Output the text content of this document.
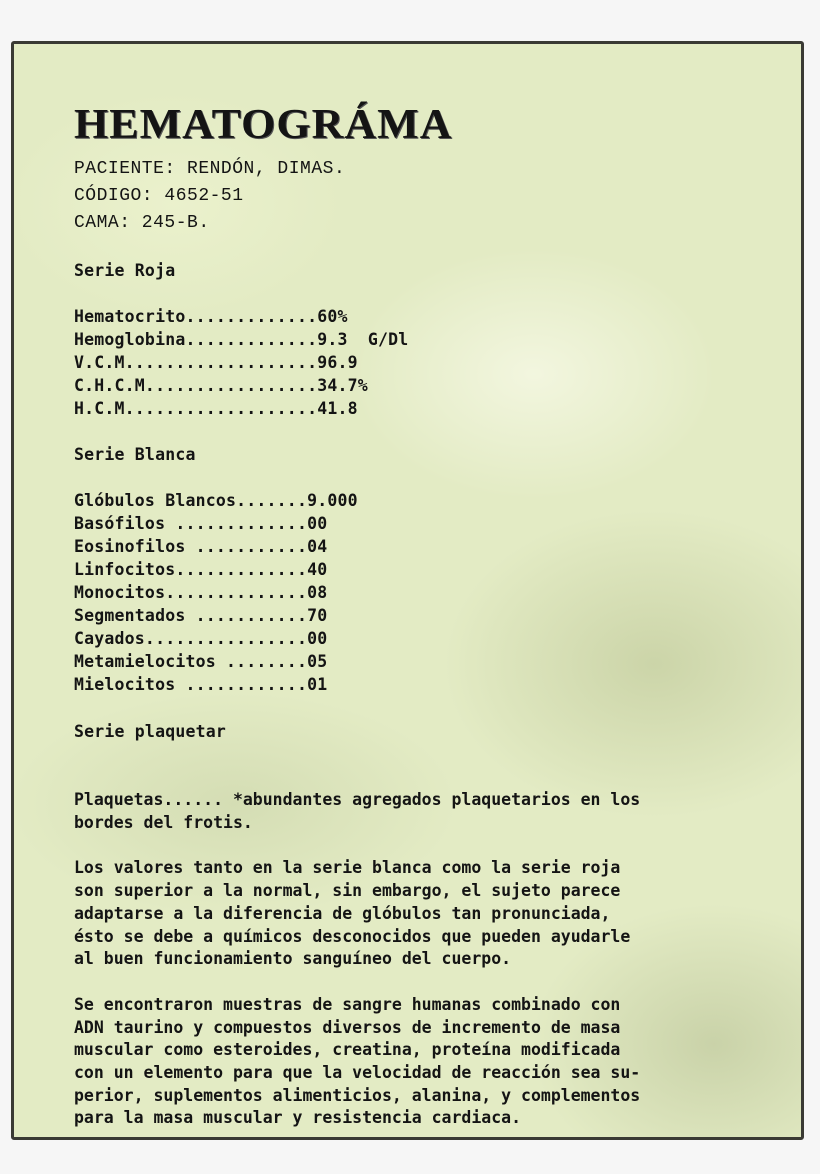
HEMATOGRÁMA
PACIENTE: RENDÓN, DIMAS.
CÓDIGO: 4652-51
CAMA: 245-B.
Serie Roja
Hematocrito.............60%
Hemoglobina.............9.3  G/Dl
V.C.M...................96.9
C.H.C.M.................34.7%
H.C.M...................41.8
Serie Blanca
Glóbulos Blancos.......9.000
Basófilos .............00
Eosinofilos ...........04
Linfocitos.............40
Monocitos..............08
Segmentados ...........70
Cayados................00
Metamielocitos ........05
Mielocitos ............01
Serie plaquetar
Plaquetas...... *abundantes agregados plaquetarios en los
bordes del frotis.
Los valores tanto en la serie blanca como la serie roja
son superior a la normal, sin embargo, el sujeto parece
adaptarse a la diferencia de glóbulos tan pronunciada,
ésto se debe a químicos desconocidos que pueden ayudarle
al buen funcionamiento sanguíneo del cuerpo.
Se encontraron muestras de sangre humanas combinado con
ADN taurino y compuestos diversos de incremento de masa
muscular como esteroides, creatina, proteína modificada
con un elemento para que la velocidad de reacción sea su-
perior, suplementos alimenticios, alanina, y complementos
para la masa muscular y resistencia cardiaca.
